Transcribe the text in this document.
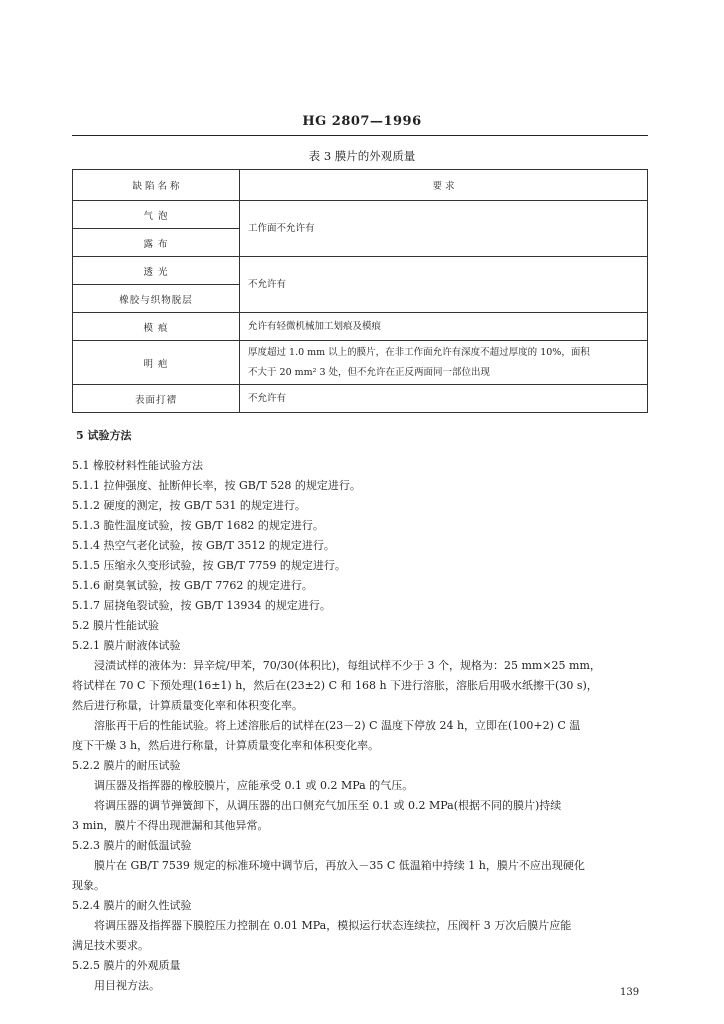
HG 2807—1996
表 3 膜片的外观质量
缺 陷 名 称	要 求
气 泡	工作面不允许有
露 布	
透 光	不允许有
橡胶与织物脱层	
模 痕	允许有轻微机械加工划痕及模痕
明 疤	厚度超过 1.0 mm 以上的膜片，在非工作面允许有深度不超过厚度的 10%，面积
不大于 20 mm² 3 处，但不允许在正反两面同一部位出现

表面打褶	不允许有
5 试验方法
5.1 橡胶材料性能试验方法
5.1.1 拉伸强度、扯断伸长率，按 GB/T 528 的规定进行。
5.1.2 硬度的测定，按 GB/T 531 的规定进行。
5.1.3 脆性温度试验，按 GB/T 1682 的规定进行。
5.1.4 热空气老化试验，按 GB/T 3512 的规定进行。
5.1.5 压缩永久变形试验，按 GB/T 7759 的规定进行。
5.1.6 耐臭氧试验，按 GB/T 7762 的规定进行。
5.1.7 屈挠龟裂试验，按 GB/T 13934 的规定进行。
5.2 膜片性能试验
5.2.1 膜片耐液体试验
浸渍试样的液体为：异辛烷/甲苯，70/30(体积比)，每组试样不少于 3 个，规格为：25 mm×25 mm，
将试样在 70 C 下预处理(16±1) h，然后在(23±2) C 和 168 h 下进行溶胀，溶胀后用吸水纸擦干(30 s)，
然后进行称量，计算质量变化率和体积变化率。
溶胀再干后的性能试验。将上述溶胀后的试样在(23－2) C 温度下停放 24 h，立即在(100+2) C 温
度下干燥 3 h，然后进行称量，计算质量变化率和体积变化率。
5.2.2 膜片的耐压试验
调压器及指挥器的橡胶膜片，应能承受 0.1 或 0.2 MPa 的气压。
将调压器的调节弹簧卸下，从调压器的出口侧充气加压至 0.1 或 0.2 MPa(根据不同的膜片)持续
3 min，膜片不得出现泄漏和其他异常。
5.2.3 膜片的耐低温试验
膜片在 GB/T 7539 规定的标准环境中调节后，再放入－35 C 低温箱中持续 1 h，膜片不应出现硬化
现象。
5.2.4 膜片的耐久性试验
将调压器及指挥器下膜腔压力控制在 0.01 MPa，模拟运行状态连续拉，压阀杆 3 万次后膜片应能
满足技术要求。
5.2.5 膜片的外观质量
用目视方法。
139
